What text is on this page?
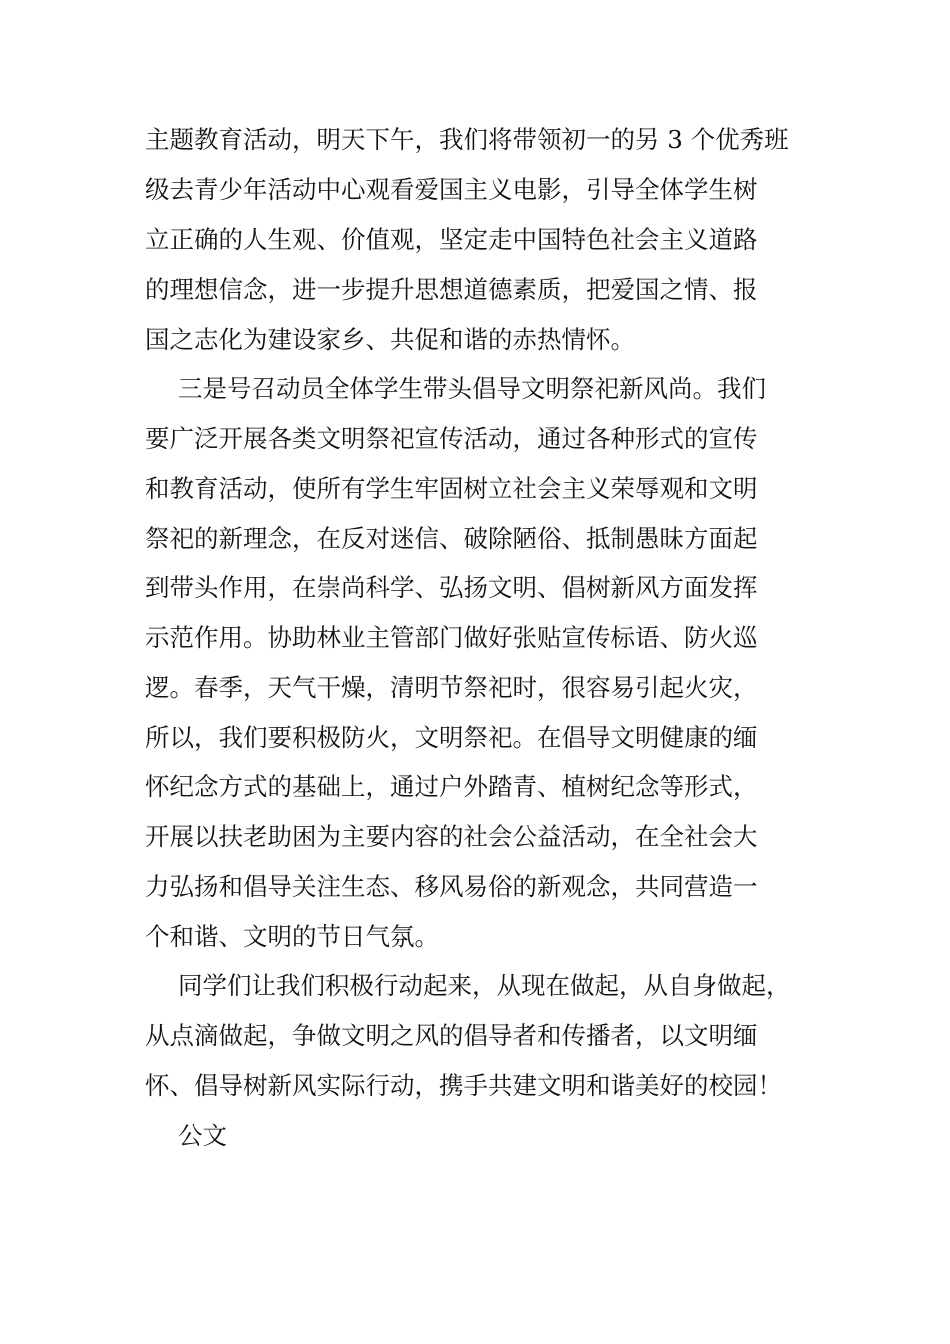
主题教育活动，明天下午，我们将带领初一的另 3 个优秀班

级去青少年活动中心观看爱国主义电影，引导全体学生树

立正确的人生观、价值观，坚定走中国特色社会主义道路

的理想信念，进一步提升思想道德素质，把爱国之情、报

国之志化为建设家乡、共促和谐的赤热情怀。

三是号召动员全体学生带头倡导文明祭祀新风尚。我们

要广泛开展各类文明祭祀宣传活动，通过各种形式的宣传

和教育活动，使所有学生牢固树立社会主义荣辱观和文明

祭祀的新理念，在反对迷信、破除陋俗、抵制愚昧方面起

到带头作用，在崇尚科学、弘扬文明、倡树新风方面发挥

示范作用。协助林业主管部门做好张贴宣传标语、防火巡

逻。春季，天气干燥，清明节祭祀时，很容易引起火灾，

所以，我们要积极防火，文明祭祀。在倡导文明健康的缅

怀纪念方式的基础上，通过户外踏青、植树纪念等形式，

开展以扶老助困为主要内容的社会公益活动，在全社会大

力弘扬和倡导关注生态、移风易俗的新观念，共同营造一

个和谐、文明的节日气氛。

同学们让我们积极行动起来，从现在做起，从自身做起，

从点滴做起，争做文明之风的倡导者和传播者，以文明缅

怀、倡导树新风实际行动，携手共建文明和谐美好的校园！

公文
